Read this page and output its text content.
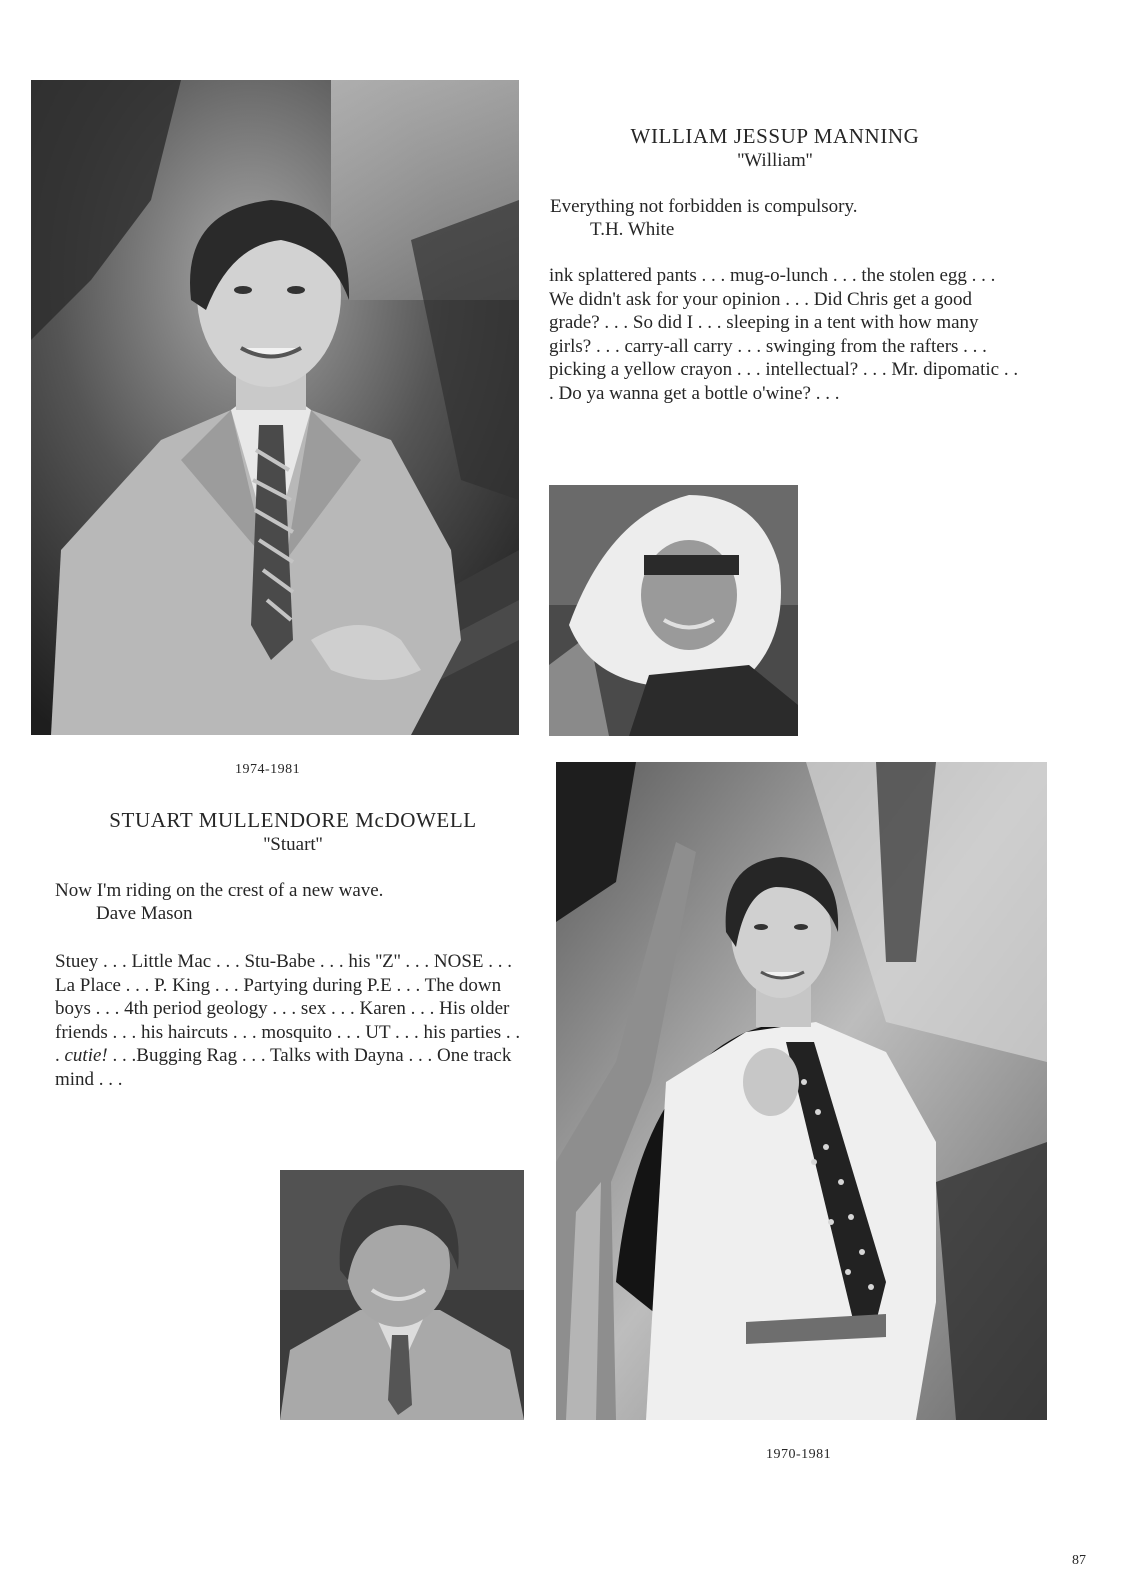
WILLIAM JESSUP MANNING
''William''
Everything not forbidden is compulsory.
T.H. White

ink splattered pants . . . mug-o-lunch . . . the stolen egg . . . We didn't ask for your opinion . . . Did Chris get a good grade? . . . So did I . . . sleeping in a tent with how many girls? . . . carry-all carry . . . swinging from the rafters . . . picking a yellow crayon . . . intellectual? . . . Mr. dipomatic . . . Do ya wanna get a bottle o'wine? . . .

1974-1981
STUART MULLENDORE McDOWELL
''Stuart''
Now I'm riding on the crest of a new wave.
Dave Mason

Stuey . . . Little Mac . . . Stu-Babe . . . his ''Z'' . . . NOSE . . . La Place . . . P. King . . . Partying during P.E . . . The down boys . . . 4th period geology . . . sex . . . Karen . . . His older friends . . . his haircuts . . . mosquito . . . UT . . . his parties . . . cutie! . . .Bugging Rag . . . Talks with Dayna . . . One track mind . . .

1970-1981
87
